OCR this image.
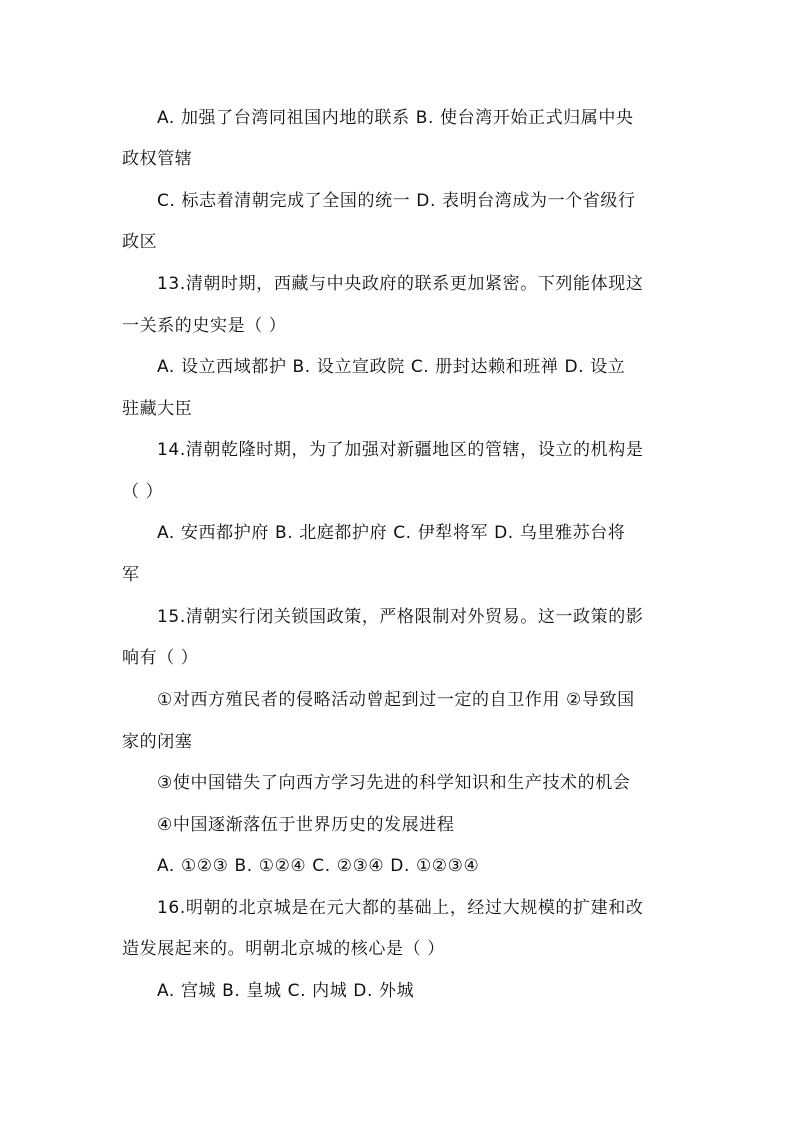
A. 加强了台湾同祖国内地的联系 B. 使台湾开始正式归属中央
政权管辖
C. 标志着清朝完成了全国的统一 D. 表明台湾成为一个省级行
政区
13.清朝时期，西藏与中央政府的联系更加紧密。下列能体现这
一关系的史实是（ ）
A. 设立西域都护 B. 设立宣政院 C. 册封达赖和班禅 D. 设立
驻藏大臣
14.清朝乾隆时期，为了加强对新疆地区的管辖，设立的机构是
（ ）
A. 安西都护府 B. 北庭都护府 C. 伊犁将军 D. 乌里雅苏台将
军
15.清朝实行闭关锁国政策，严格限制对外贸易。这一政策的影
响有（ ）
①对西方殖民者的侵略活动曾起到过一定的自卫作用 ②导致国
家的闭塞
③使中国错失了向西方学习先进的科学知识和生产技术的机会
④中国逐渐落伍于世界历史的发展进程
A. ①②③ B. ①②④ C. ②③④ D. ①②③④
16.明朝的北京城是在元大都的基础上，经过大规模的扩建和改
造发展起来的。明朝北京城的核心是（ ）
A. 宫城 B. 皇城 C. 内城 D. 外城
